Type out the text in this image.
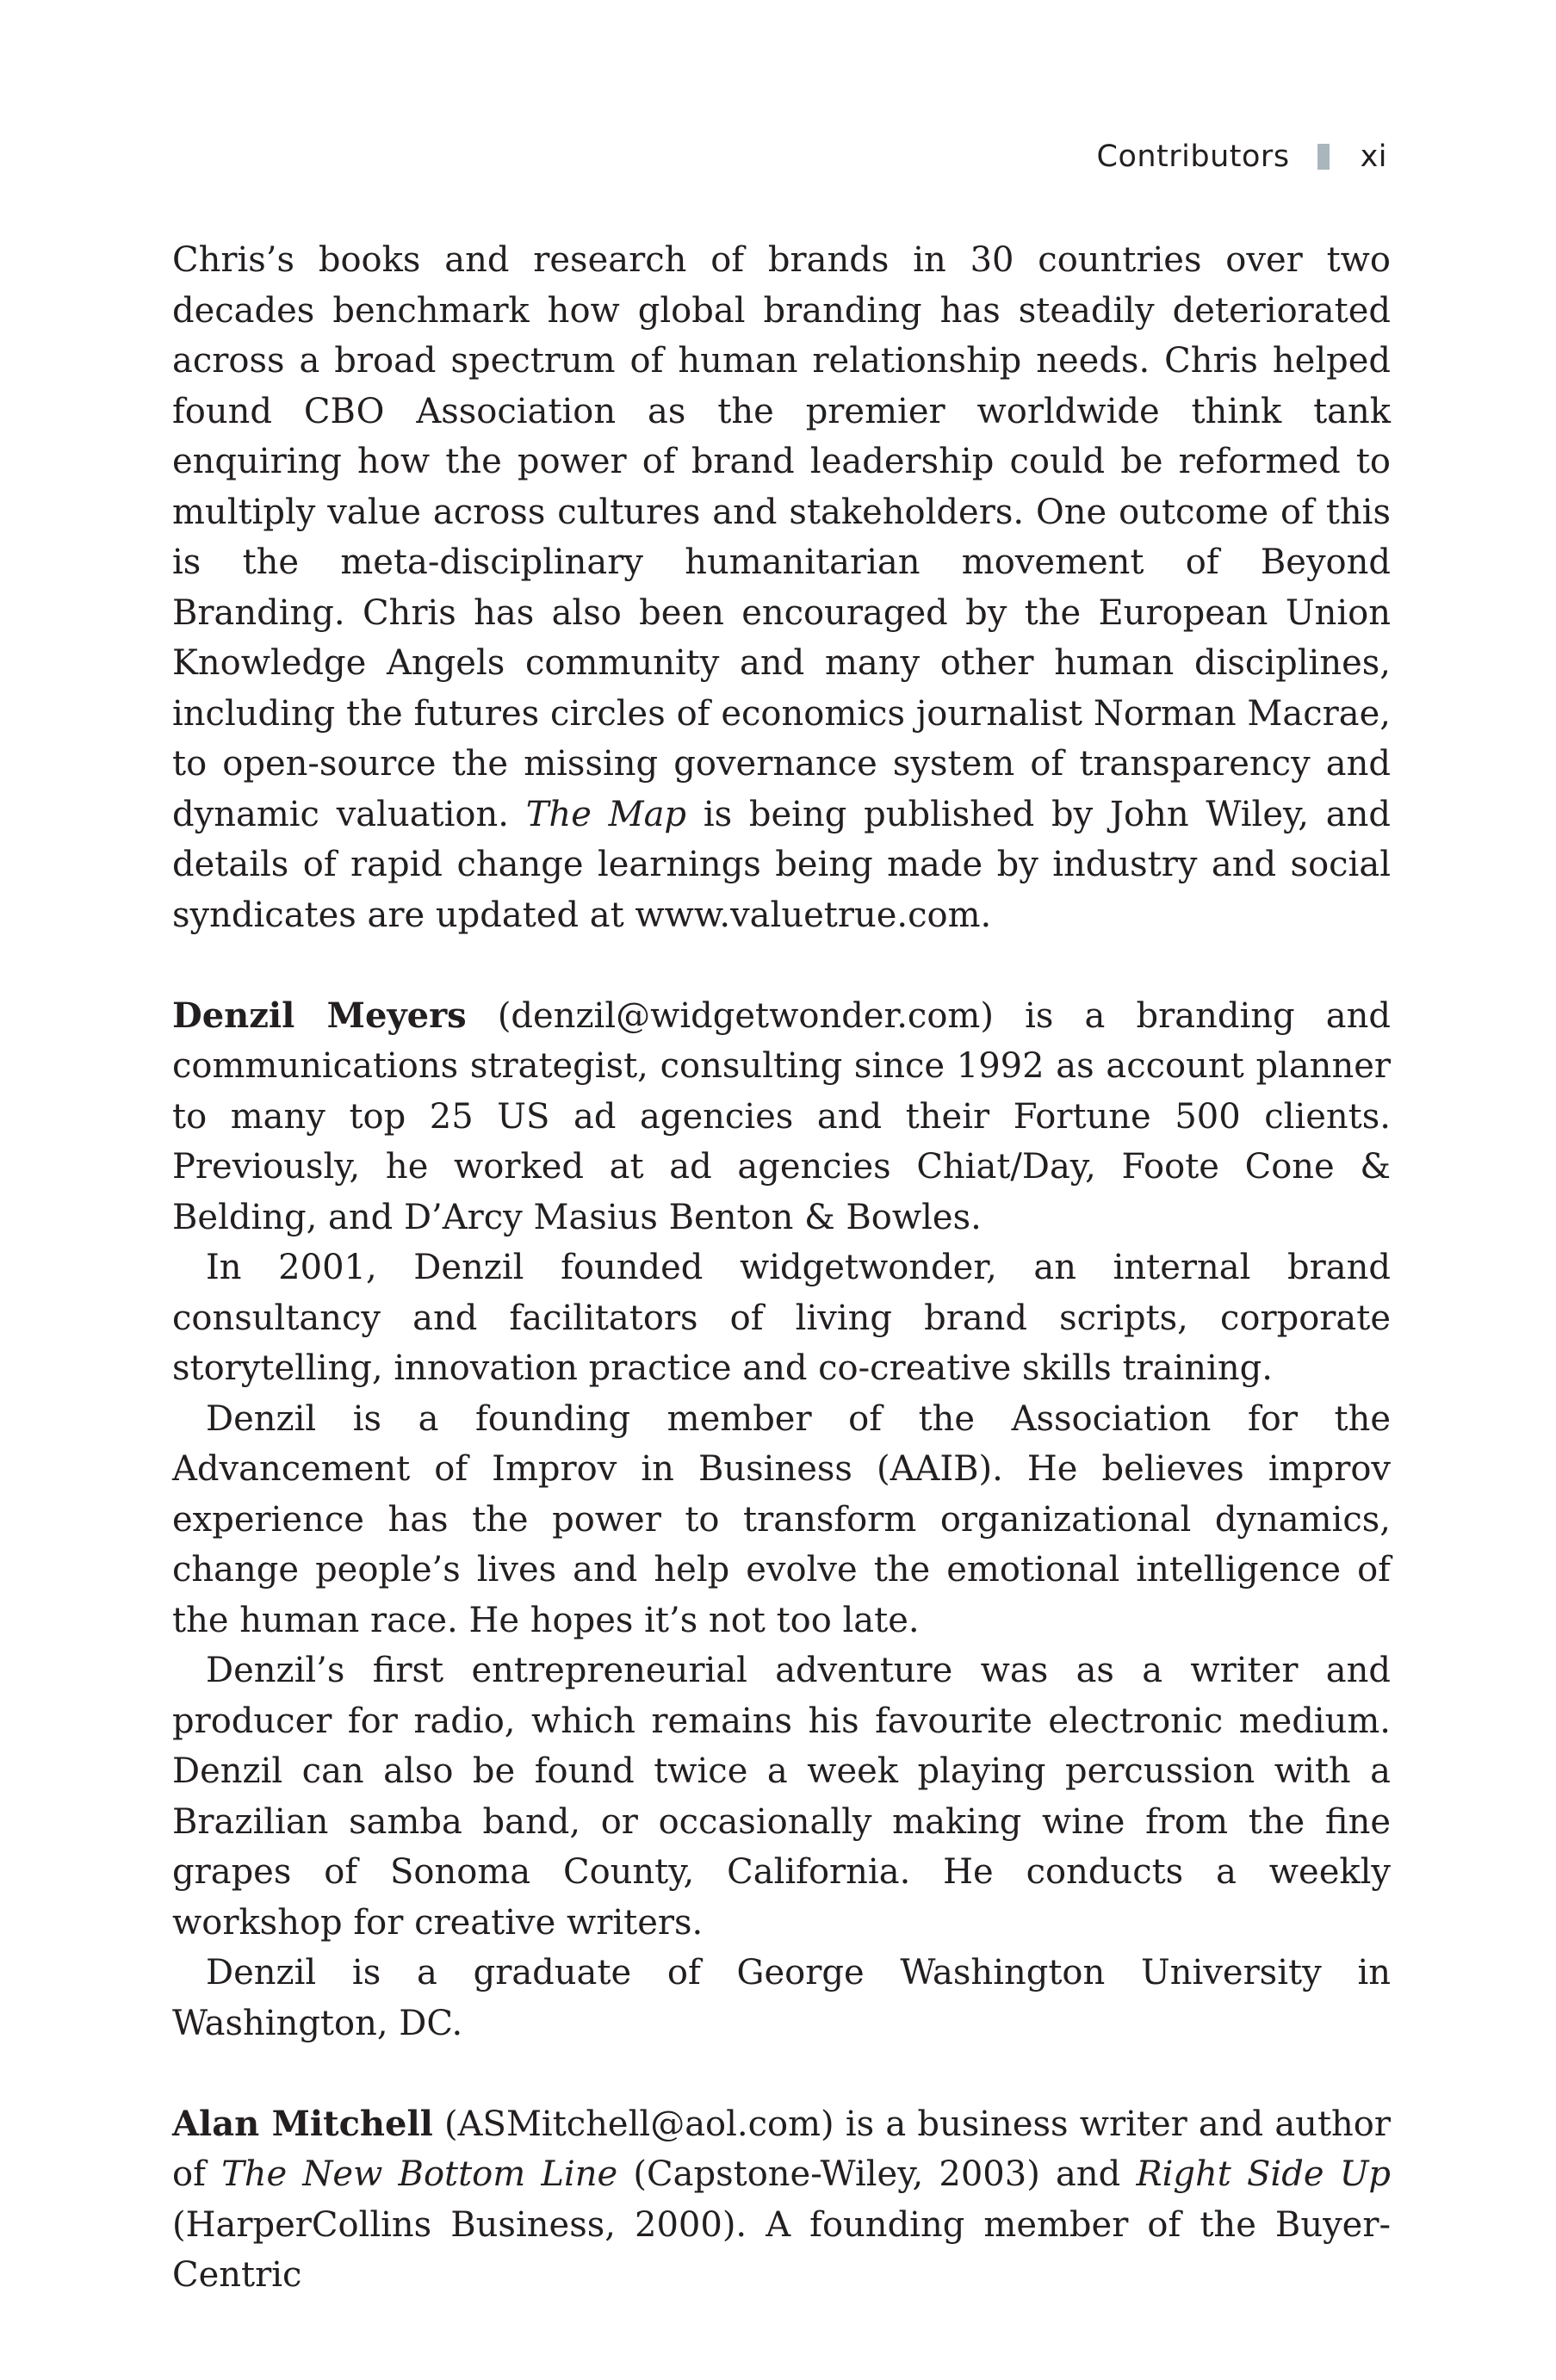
Contributors xi

Chris’s books and research of brands in 30 countries over two decades benchmark how global branding has steadily deteriorated across a broad spectrum of human relationship needs. Chris helped found CBO Association as the premier worldwide think tank enquiring how the power of brand leadership could be reformed to multiply value across cultures and stakeholders. One outcome of this is the meta-disciplinary humanitarian movement of Beyond Branding. Chris has also been encouraged by the European Union Knowledge Angels community and many other human disciplines, including the futures circles of economics journalist Norman Macrae, to open-source the missing governance system of transparency and dynamic valuation. The Map is being published by John Wiley, and details of rapid change learnings being made by industry and social syndicates are updated at www.valuetrue.com.

Denzil Meyers (denzil@widgetwonder.com) is a branding and communications strategist, consulting since 1992 as account planner to many top 25 US ad agencies and their Fortune 500 clients. Previously, he worked at ad agencies Chiat/Day, Foote Cone & Belding, and D’Arcy Masius Benton & Bowles.

In 2001, Denzil founded widgetwonder, an internal brand consultancy and facilitators of living brand scripts, corporate storytelling, innovation practice and co-creative skills training.

Denzil is a founding member of the Association for the Advancement of Improv in Business (AAIB). He believes improv experience has the power to transform organizational dynamics, change people’s lives and help evolve the emotional intelligence of the human race. He hopes it’s not too late.

Denzil’s first entrepreneurial adventure was as a writer and producer for radio, which remains his favourite electronic medium. Denzil can also be found twice a week playing percussion with a Brazilian samba band, or occasionally making wine from the fine grapes of Sonoma County, California. He conducts a weekly workshop for creative writers.

Denzil is a graduate of George Washington University in Washington, DC.

Alan Mitchell (ASMitchell@aol.com) is a business writer and author of The New Bottom Line (Capstone-Wiley, 2003) and Right Side Up (HarperCollins Business, 2000). A founding member of the Buyer-Centric
